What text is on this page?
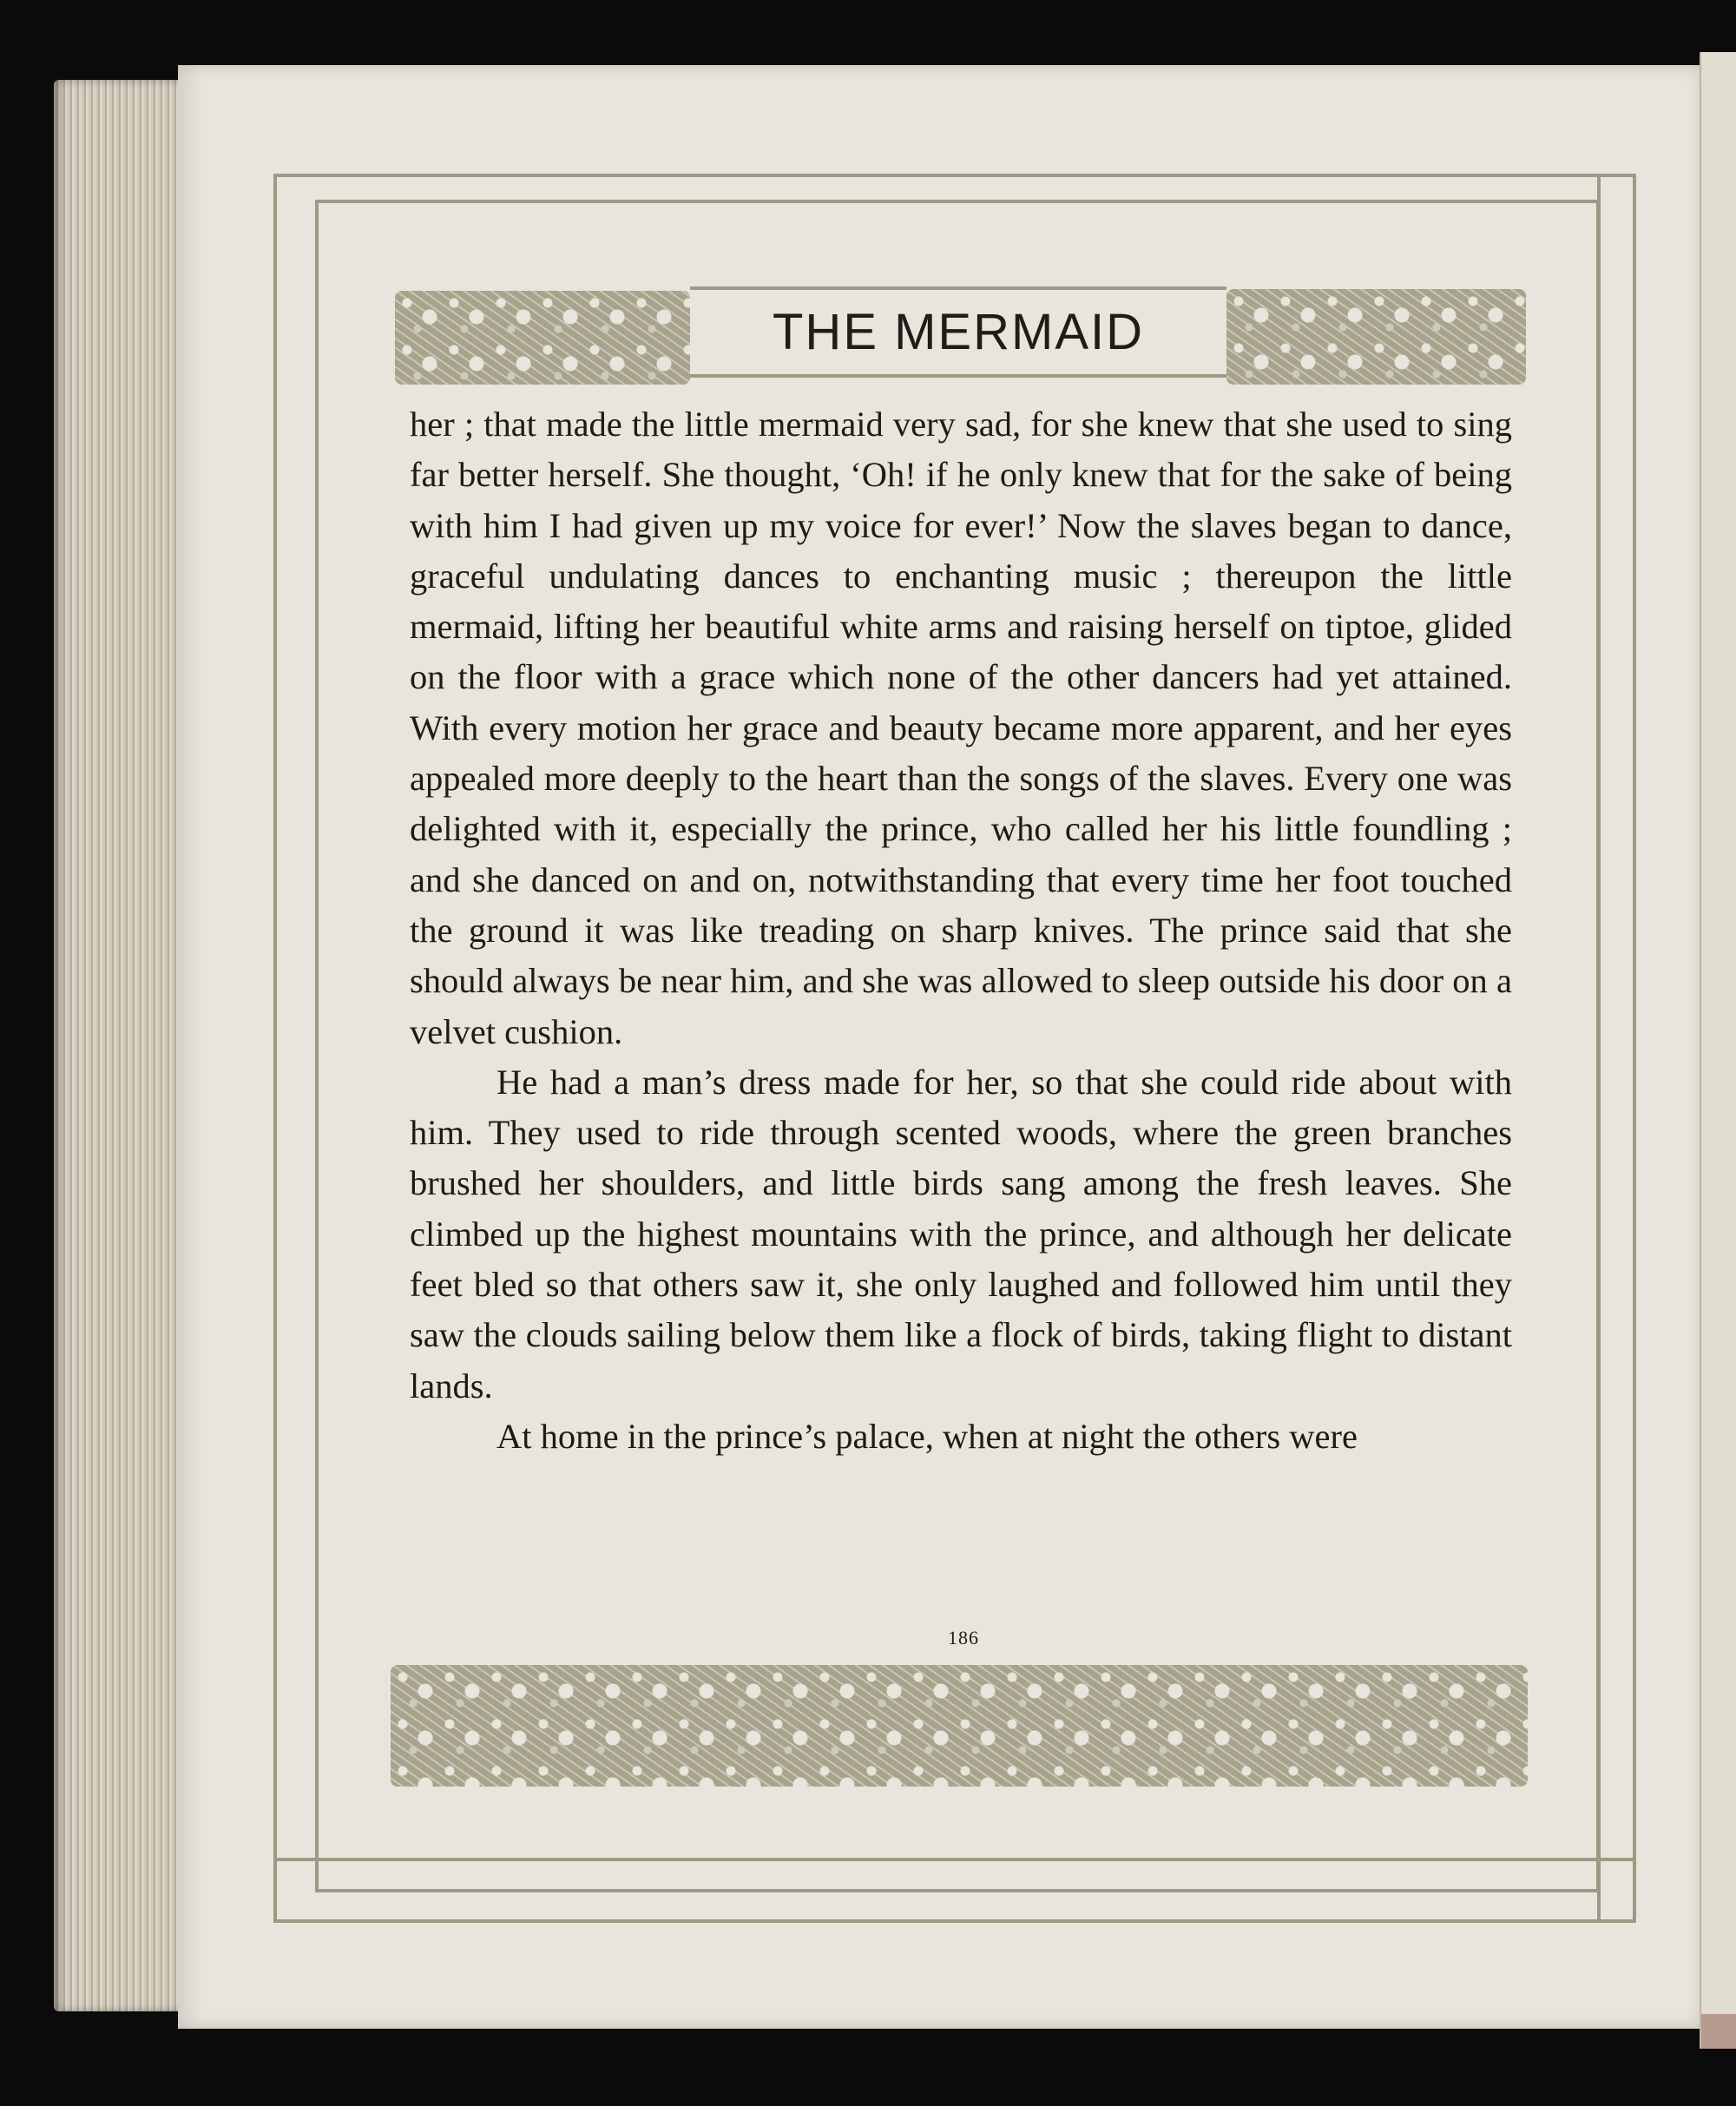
THE MERMAID

her ; that made the little mermaid very sad, for she knew that she used to sing far better herself. She thought, ‘Oh! if he only knew that for the sake of being with him I had given up my voice for ever!’ Now the slaves began to dance, graceful undulating dances to enchanting music ; thereupon the little mermaid, lifting her beautiful white arms and raising herself on tiptoe, glided on the floor with a grace which none of the other dancers had yet attained. With every motion her grace and beauty became more apparent, and her eyes appealed more deeply to the heart than the songs of the slaves. Every one was delighted with it, especially the prince, who called her his little foundling ; and she danced on and on, notwithstanding that every time her foot touched the ground it was like treading on sharp knives. The prince said that she should always be near him, and she was allowed to sleep outside his door on a velvet cushion.

He had a man’s dress made for her, so that she could ride about with him. They used to ride through scented woods, where the green branches brushed her shoulders, and little birds sang among the fresh leaves. She climbed up the highest mountains with the prince, and although her delicate feet bled so that others saw it, she only laughed and followed him until they saw the clouds sailing below them like a flock of birds, taking flight to distant lands.

At home in the prince’s palace, when at night the others were

186
